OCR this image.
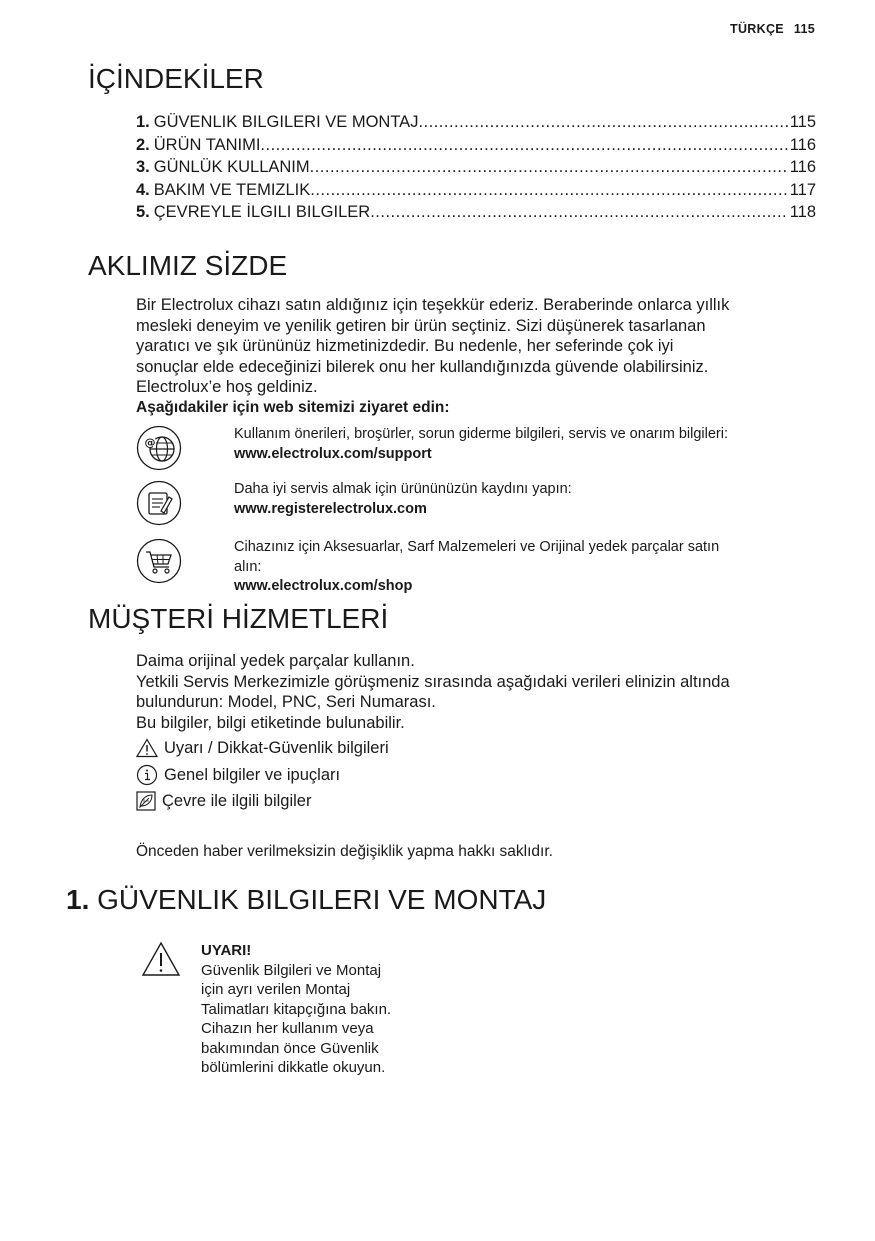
TÜRKÇE 115
İÇİNDEKİLER
1. GÜVENLIK BILGILERI VE MONTAJ .....	115
2. ÜRÜN TANIMI .....	116
3. GÜNLÜK KULLANIM .....	116
4. BAKIM VE TEMIZLIK .....	117
5. ÇEVREYLE İLGILI BILGILER .....	118
AKLIMIZ SİZDE
Bir Electrolux cihazı satın aldığınız için teşekkür ederiz. Beraberinde onlarca yıllık
mesleki deneyim ve yenilik getiren bir ürün seçtiniz. Sizi düşünerek tasarlanan
yaratıcı ve şık ürününüz hizmetinizdedir. Bu nedenle, her seferinde çok iyi
sonuçlar elde edeceğinizi bilerek onu her kullandığınızda güvende olabilirsiniz.
Electrolux’e hoş geldiniz.
Aşağıdakiler için web sitemizi ziyaret edin:
@
Kullanım önerileri, broşürler, sorun giderme bilgileri, servis ve onarım bilgileri:
www.electrolux.com/support
Daha iyi servis almak için ürününüzün kaydını yapın:
www.registerelectrolux.com
Cihazınız için Aksesuarlar, Sarf Malzemeleri ve Orijinal yedek parçalar satın
alın:
www.electrolux.com/shop
MÜŞTERİ HİZMETLERİ
Daima orijinal yedek parçalar kullanın.
Yetkili Servis Merkezimizle görüşmeniz sırasında aşağıdaki verileri elinizin altında
bulundurun: Model, PNC, Seri Numarası.
Bu bilgiler, bilgi etiketinde bulunabilir.
Uyarı / Dikkat-Güvenlik bilgileri
Genel bilgiler ve ipuçları
Çevre ile ilgili bilgiler
Önceden haber verilmeksizin değişiklik yapma hakkı saklıdır.
1. GÜVENLIK BILGILERI VE MONTAJ
UYARI!
Güvenlik Bilgileri ve Montaj
için ayrı verilen Montaj
Talimatları kitapçığına bakın.
Cihazın her kullanım veya
bakımından önce Güvenlik
bölümlerini dikkatle okuyun.
